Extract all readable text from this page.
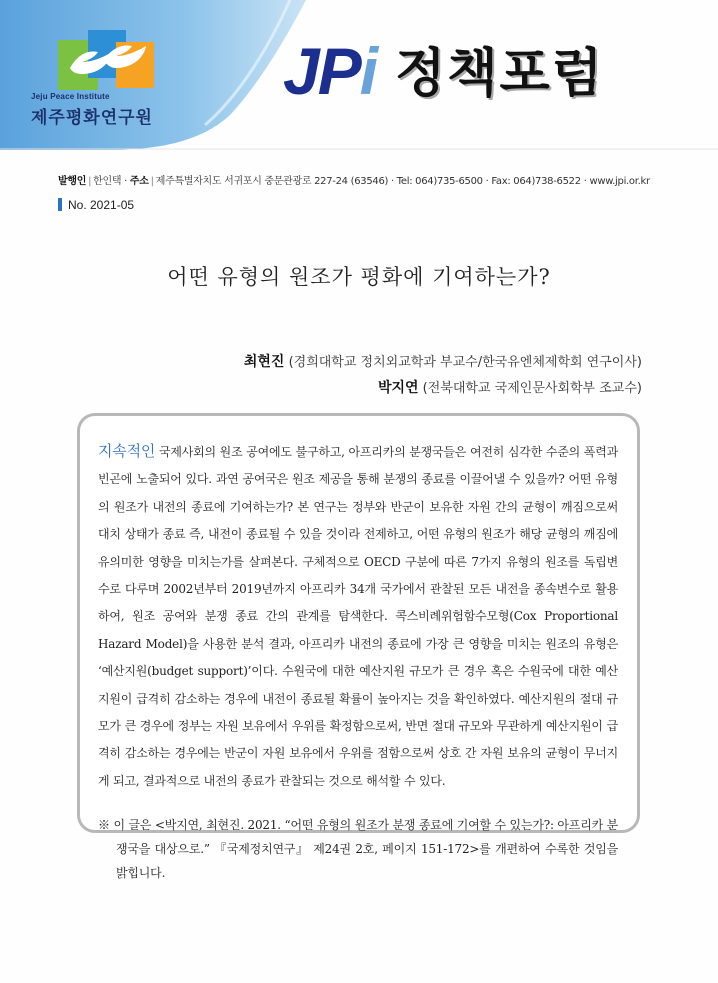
Jeju Peace Institute
제주평화연구원
JPi 정책포럼
발행인 | 한인택 · 주소 | 제주특별자치도 서귀포시 중문관광로 227-24 (63546) · Tel: 064)735-6500 · Fax: 064)738-6522 · www.jpi.or.kr
No. 2021-05
어떤 유형의 원조가 평화에 기여하는가?
최현진 (경희대학교 정치외교학과 부교수/한국유엔체제학회 연구이사)
박지연 (전북대학교 국제인문사회학부 조교수)

지속적인 국제사회의 원조 공여에도 불구하고, 아프리카의 분쟁국들은 여전히 심각한 수준의 폭력과 빈곤에 노출되어 있다. 과연 공여국은 원조 제공을 통해 분쟁의 종료를 이끌어낼 수 있을까? 어떤 유형의 원조가 내전의 종료에 기여하는가? 본 연구는 정부와 반군이 보유한 자원 간의 균형이 깨짐으로써 대치 상태가 종료 즉, 내전이 종료될 수 있을 것이라 전제하고, 어떤 유형의 원조가 해당 균형의 깨짐에 유의미한 영향을 미치는가를 살펴본다. 구체적으로 OECD 구분에 따른 7가지 유형의 원조를 독립변수로 다루며 2002년부터 2019년까지 아프리카 34개 국가에서 관찰된 모든 내전을 종속변수로 활용하여, 원조 공여와 분쟁 종료 간의 관계를 탐색한다. 콕스비례위험함수모형(Cox Proportional Hazard Model)을 사용한 분석 결과, 아프리카 내전의 종료에 가장 큰 영향을 미치는 원조의 유형은 ‘예산지원(budget support)’이다. 수원국에 대한 예산지원 규모가 큰 경우 혹은 수원국에 대한 예산지원이 급격히 감소하는 경우에 내전이 종료될 확률이 높아지는 것을 확인하였다. 예산지원의 절대 규모가 큰 경우에 정부는 자원 보유에서 우위를 확정함으로써, 반면 절대 규모와 무관하게 예산지원이 급격히 감소하는 경우에는 반군이 자원 보유에서 우위를 점함으로써 상호 간 자원 보유의 균형이 무너지게 되고, 결과적으로 내전의 종료가 관찰되는 것으로 해석할 수 있다.

※ 이 글은 <박지연, 최현진. 2021. “어떤 유형의 원조가 분쟁 종료에 기여할 수 있는가?: 아프리카 분쟁국을 대상으로.” 『국제정치연구』 제24권 2호, 페이지 151-172>를 개편하여 수록한 것임을 밝힙니다.
